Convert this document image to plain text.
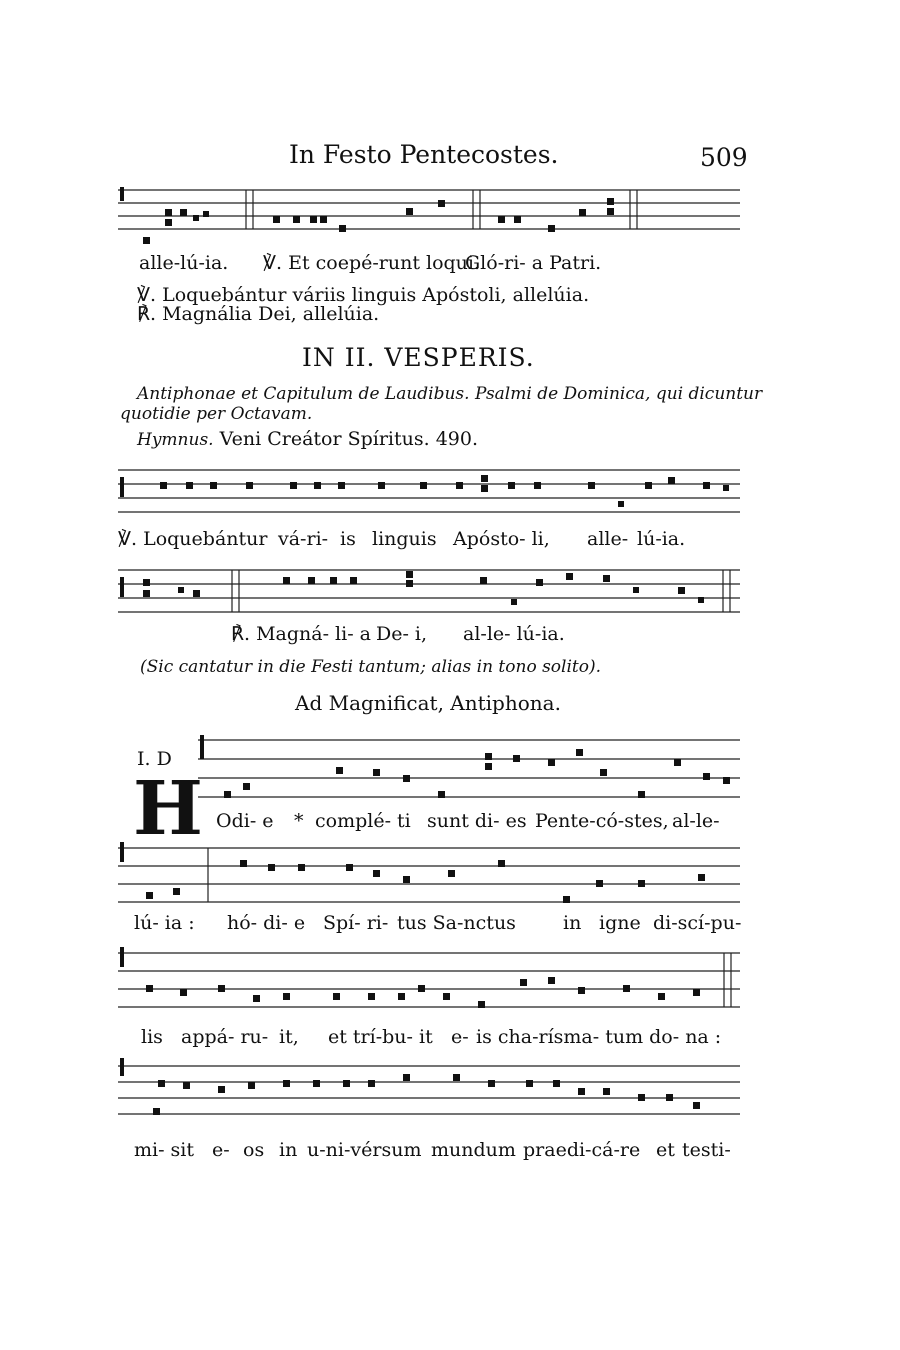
In Festo Pentecostes.	509
alle-lú-ia. ℣. Et coepé-runt loqui.
Gló-ri- a Patri.
℣. Loquebántur váriis linguis Apóstoli, allelúia.
℟. Magnália Dei, allelúia.
IN II. VESPERIS.
Antiphonae et Capitulum de Laudibus. Psalmi de Dominica, qui dicuntur
quotidie per Octavam.
Hymnus. Veni Creátor Spíritus. 490.
℣. Loquebántur vá-ri- is linguis Apósto- li, alle- lú-ia.
℟. Magná- li- a De- i, al-le- lú-ia.
(Sic cantatur in die Festi tantum; alias in tono solito).
Ad Magnificat, Antiphona.
I. D
H Odi- e * complé- ti sunt di- es Pente-có-stes, al-le-
lú- ia : hó- di- e Spí- ri- tus Sa-nctus in igne di-scí-pu-
lis appá- ru- it, et trí-bu- it e- is cha-rísma- tum do- na :
mi- sit e- os in u-ni-vérsum mundum praedi-cá-re et testi-
